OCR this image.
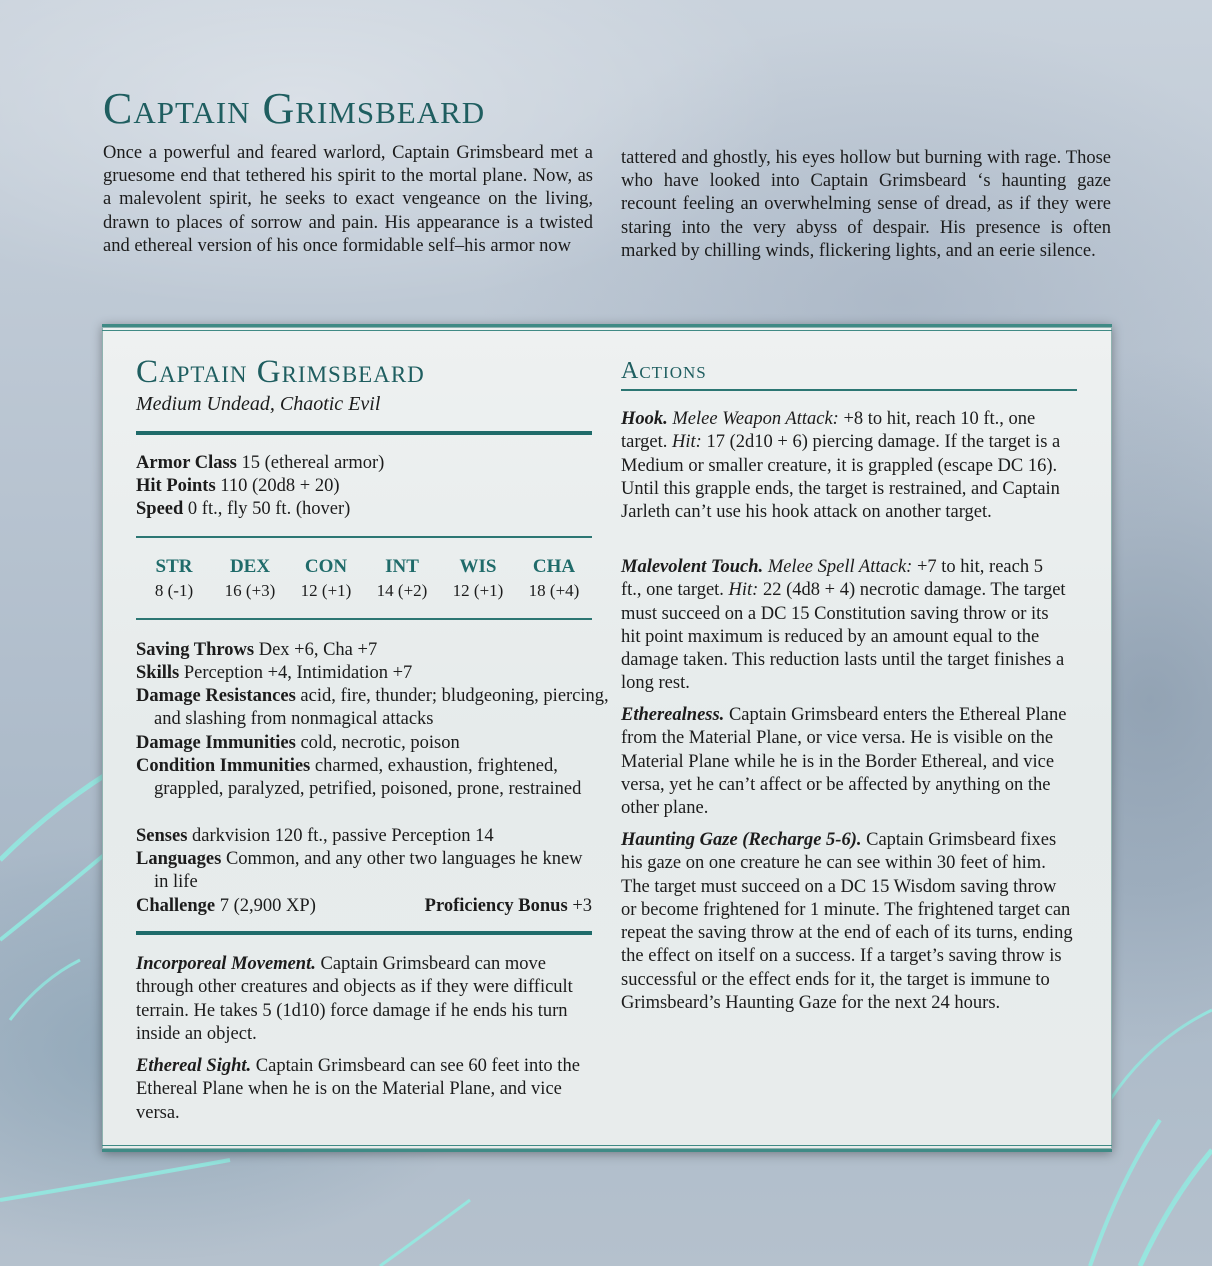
Captain Grimsbeard

Once a powerful and feared warlord, Captain Grimsbeard met a gruesome end that tethered his spirit to the mortal plane. Now, as a malevolent spirit, he seeks to exact vengeance on the living, drawn to places of sorrow and pain. His appearance is a twisted and ethereal version of his once formidable self–his armor now

tattered and ghostly, his eyes hollow but burning with rage. Those who have looked into Captain Grimsbeard ‘s haunting gaze recount feeling an overwhelming sense of dread, as if they were staring into the very abyss of despair. His presence is often marked by chilling winds, flickering lights, and an eerie silence.

Captain Grimsbeard
Medium Undead, Chaotic Evil
Armor Class 15 (ethereal armor)
Hit Points 110 (20d8 + 20)
Speed 0 ft., fly 50 ft. (hover)
STR
8 (-1)
DEX
16 (+3)
CON
12 (+1)
INT
14 (+2)
WIS
12 (+1)
CHA
18 (+4)
Saving Throws Dex +6, Cha +7
Skills Perception +4, Intimidation +7
Damage Resistances acid, fire, thunder; bludgeoning, piercing, and slashing from nonmagical attacks
Damage Immunities cold, necrotic, poison
Condition Immunities charmed, exhaustion, frightened, grappled, paralyzed, petrified, poisoned, prone, restrained
Senses darkvision 120 ft., passive Perception 14
Languages Common, and any other two languages he knew in life
Challenge 7 (2,900 XP)	Proficiency Bonus +3

Incorporeal Movement. Captain Grimsbeard can move through other creatures and objects as if they were difficult terrain. He takes 5 (1d10) force damage if he ends his turn inside an object.

Ethereal Sight. Captain Grimsbeard can see 60 feet into the Ethereal Plane when he is on the Material Plane, and vice versa.

Actions

Hook. Melee Weapon Attack: +8 to hit, reach 10 ft., one target. Hit: 17 (2d10 + 6) piercing damage. If the target is a Medium or smaller creature, it is grappled (escape DC 16). Until this grapple ends, the target is restrained, and Captain Jarleth can’t use his hook attack on another target.

Malevolent Touch. Melee Spell Attack: +7 to hit, reach 5 ft., one target. Hit: 22 (4d8 + 4) necrotic damage. The target must succeed on a DC 15 Constitution saving throw or its hit point maximum is reduced by an amount equal to the damage taken. This reduction lasts until the target finishes a long rest.

Etherealness. Captain Grimsbeard enters the Ethereal Plane from the Material Plane, or vice versa. He is visible on the Material Plane while he is in the Border Ethereal, and vice versa, yet he can’t affect or be affected by anything on the other plane.

Haunting Gaze (Recharge 5-6). Captain Grimsbeard fixes his gaze on one creature he can see within 30 feet of him. The target must succeed on a DC 15 Wisdom saving throw or become frightened for 1 minute. The frightened target can repeat the saving throw at the end of each of its turns, ending the effect on itself on a success. If a target’s saving throw is successful or the effect ends for it, the target is immune to Grimsbeard’s Haunting Gaze for the next 24 hours.
